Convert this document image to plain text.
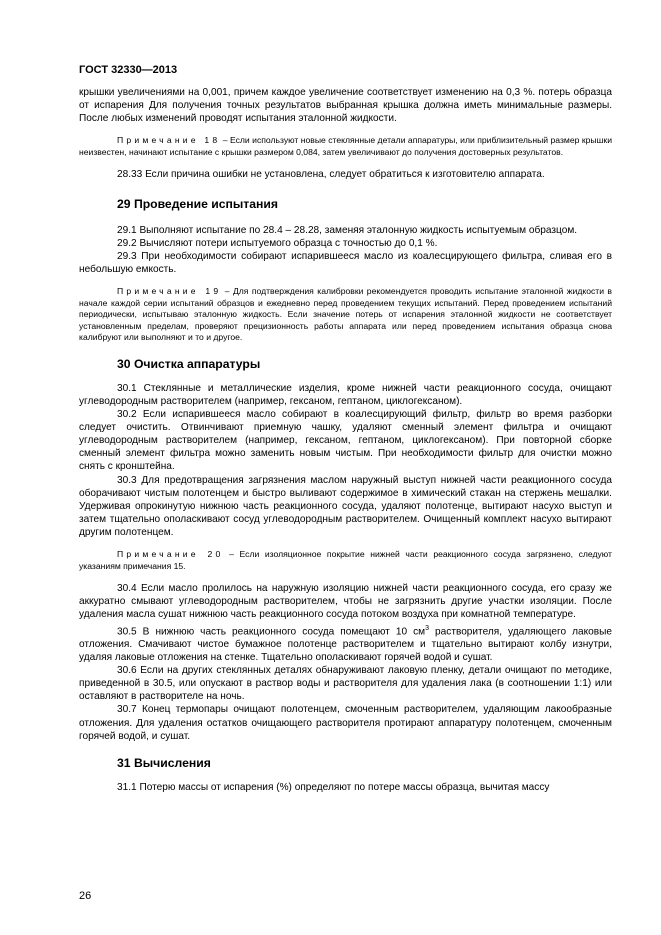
ГОСТ 32330—2013

крышки увеличениями на 0,001, причем каждое увеличение соответствует изменению на 0,3 %. потерь образца от испарения Для получения точных результатов выбранная крышка должна иметь минимальные размеры. После любых изменений проводят испытания эталонной жидкости.

Примечание 18 – Если используют новые стеклянные детали аппаратуры, или приблизительный размер крышки неизвестен, начинают испытание с крышки размером 0,084, затем увеличивают до получения достоверных результатов.

28.33 Если причина ошибки не установлена, следует обратиться к изготовителю аппарата.

29 Проведение испытания

29.1 Выполняют испытание по 28.4 – 28.28, заменяя эталонную жидкость испытуемым образцом.

29.2 Вычисляют потери испытуемого образца с точностью до 0,1 %.

29.3 При необходимости собирают испарившееся масло из коалесцирующего фильтра, сливая его в небольшую емкость.

Примечание 19 – Для подтверждения калибровки рекомендуется проводить испытание эталонной жидкости в начале каждой серии испытаний образцов и ежедневно перед проведением текущих испытаний. Перед проведением испытаний периодически, испытываю эталонную жидкость. Если значение потерь от испарения эталонной жидкости не соответствует установленным пределам, проверяют прецизионность работы аппарата или перед проведением испытания образца снова калибруют или выполняют и то и другое.

30 Очистка аппаратуры

30.1 Стеклянные и металлические изделия, кроме нижней части реакционного сосуда, очищают углеводородным растворителем (например, гексаном, гептаном, циклогексаном).

30.2 Если испарившееся масло собирают в коалесцирующий фильтр, фильтр во время разборки следует очистить. Отвинчивают приемную чашку, удаляют сменный элемент фильтра и очищают углеводородным растворителем (например, гексаном, гептаном, циклогексаном). При повторной сборке сменный элемент фильтра можно заменить новым чистым. При необходимости фильтр для очистки можно снять с кронштейна.

30.3 Для предотвращения загрязнения маслом наружный выступ нижней части реакционного сосуда оборачивают чистым полотенцем и быстро выливают содержимое в химический стакан на стержень мешалки. Удерживая опрокинутую нижнюю часть реакционного сосуда, удаляют полотенце, вытирают насухо выступ и затем тщательно ополаскивают сосуд углеводородным растворителем. Очищенный комплект насухо вытирают другим полотенцем.

Примечание 20 – Если изоляционное покрытие нижней части реакционного сосуда загрязнено, следуют указаниям примечания 15.

30.4 Если масло пролилось на наружную изоляцию нижней части реакционного сосуда, его сразу же аккуратно смывают углеводородным растворителем, чтобы не загрязнить другие участки изоляции. После удаления масла сушат нижнюю часть реакционного сосуда потоком воздуха при комнатной температуре.

30.5 В нижнюю часть реакционного сосуда помещают 10 $см^3$ растворителя, удаляющего лаковые отложения. Смачивают чистое бумажное полотенце растворителем и тщательно вытирают колбу изнутри, удаляя лаковые отложения на стенке. Тщательно ополаскивают горячей водой и сушат.

30.6 Если на других стеклянных деталях обнаруживают лаковую пленку, детали очищают по методике, приведенной в 30.5, или опускают в раствор воды и растворителя для удаления лака (в соотношении 1:1) или оставляют в растворителе на ночь.

30.7 Конец термопары очищают полотенцем, смоченным растворителем, удаляющим лакообразные отложения. Для удаления остатков очищающего растворителя протирают аппаратуру полотенцем, смоченным горячей водой, и сушат.

31 Вычисления

31.1 Потерю массы от испарения (%) определяют по потере массы образца, вычитая массу

26
